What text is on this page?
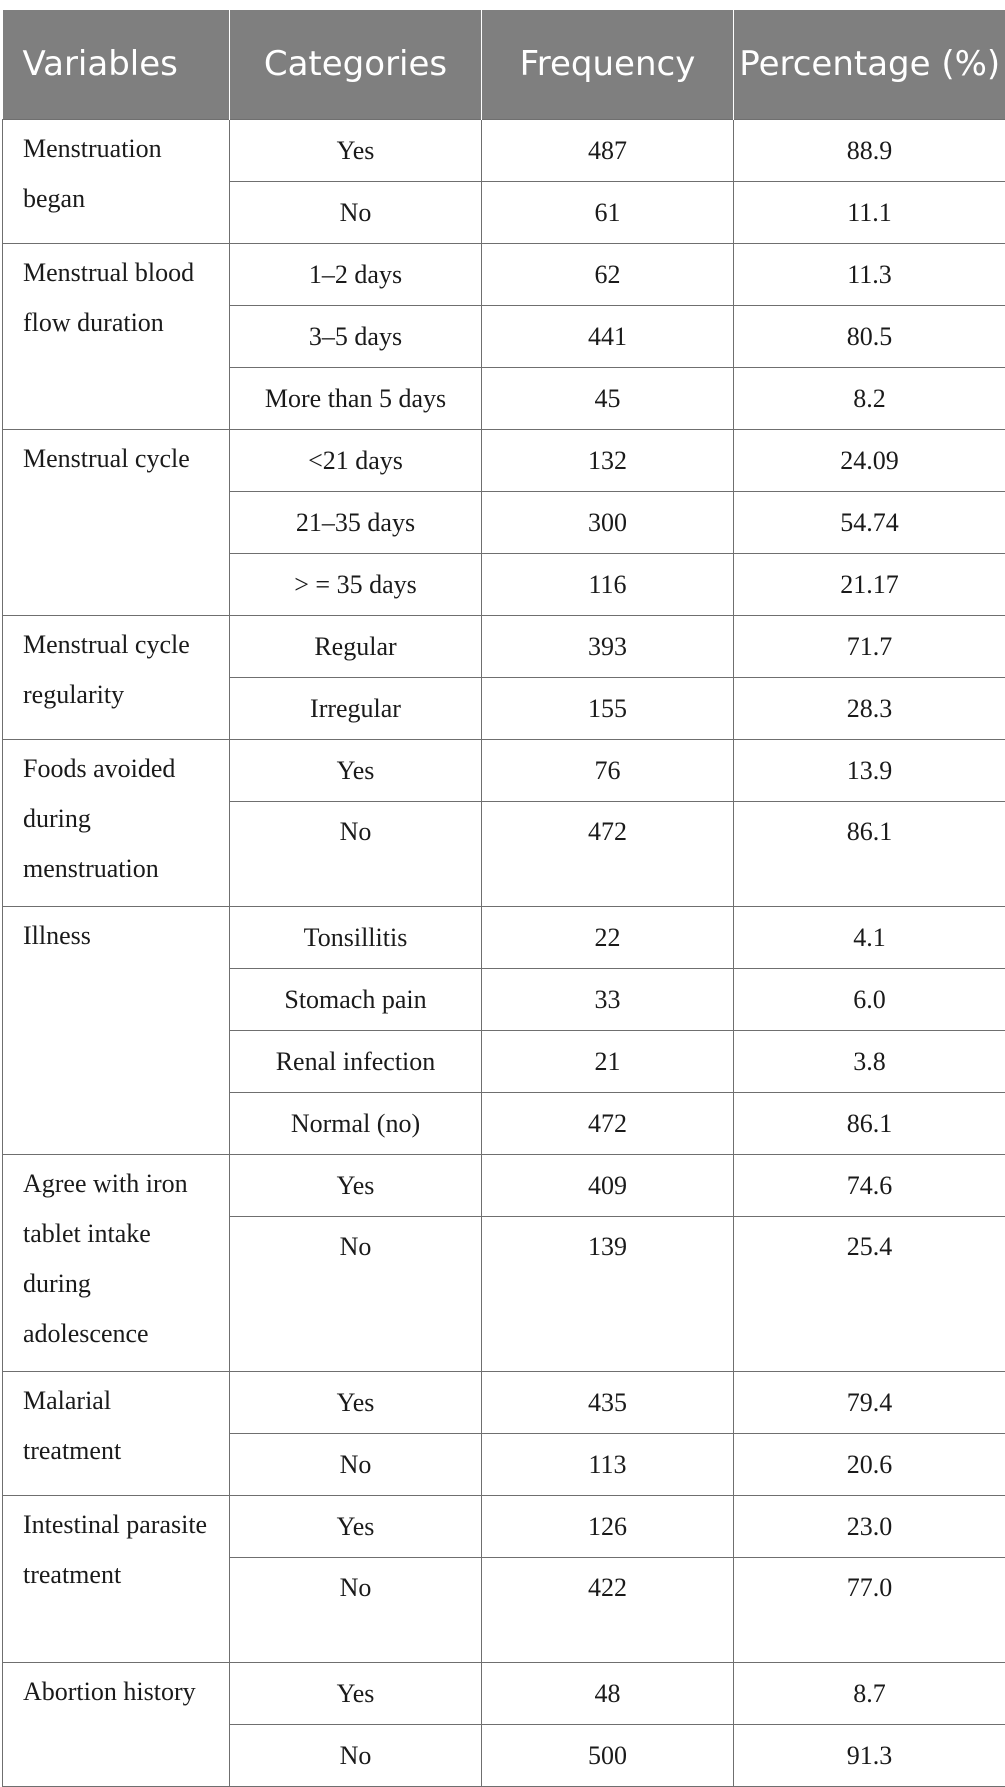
Variables	Categories	Frequency	Percentage (%)
Menstruation began	Yes	487	88.9
	No	61	11.1
Menstrual blood flow duration	1–2 days	62	11.3
	3–5 days	441	80.5
	More than 5 days	45	8.2
Menstrual cycle	<21 days	132	24.09
	21–35 days	300	54.74
	> = 35 days	116	21.17
Menstrual cycle regularity	Regular	393	71.7
	Irregular	155	28.3
Foods avoided during menstruation	Yes	76	13.9
	No	472	86.1
Illness	Tonsillitis	22	4.1
	Stomach pain	33	6.0
	Renal infection	21	3.8
	Normal (no)	472	86.1
Agree with iron tablet intake during adolescence	Yes	409	74.6
	No	139	25.4
Malarial treatment	Yes	435	79.4
	No	113	20.6
Intestinal parasite treatment	Yes	126	23.0
	No	422	77.0
Abortion history	Yes	48	8.7
	No	500	91.3
